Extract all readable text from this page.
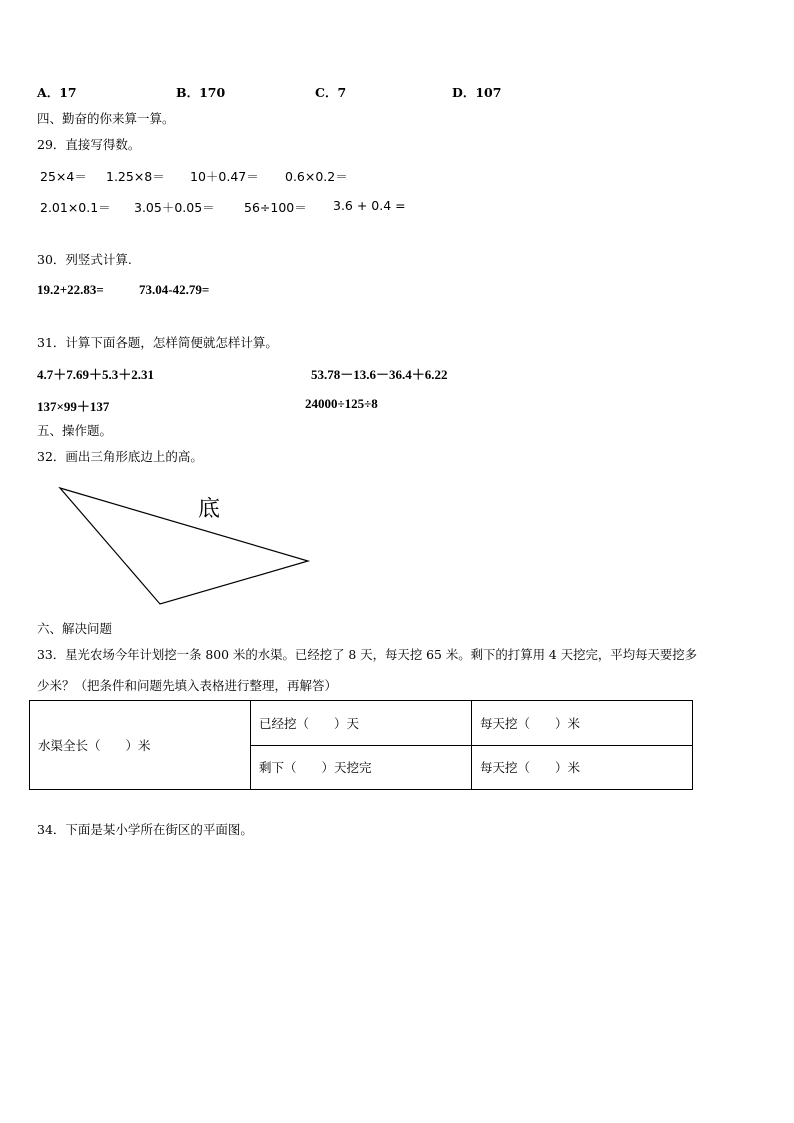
A．17	B．170	C．7	D．107
四、勤奋的你来算一算。
29．直接写得数。
25×4＝ 1.25×8＝ 10＋0.47＝ 0.6×0.2＝
2.01×0.1＝ 3.05＋0.05＝ 56÷100＝ 3.6 + 0.4 =
30．列竖式计算.
19.2+22.83=	73.04-42.79=
31．计算下面各题，怎样简便就怎样计算。
4.7＋7.69＋5.3＋2.31	53.78－13.6－36.4＋6.22
137×99＋137	24000÷125÷8
五、操作题。
32．画出三角形底边上的高。
底
六、解决问题
33．星光农场今年计划挖一条 800 米的水渠。已经挖了 8 天，每天挖 65 米。剩下的打算用 4 天挖完，平均每天要挖多
少米？（把条件和问题先填入表格进行整理，再解答）
水渠全长（　　）米	已经挖（　　）天	每天挖（　　）米
	剩下（　　）天挖完	每天挖（　　）米
34．下面是某小学所在街区的平面图。
